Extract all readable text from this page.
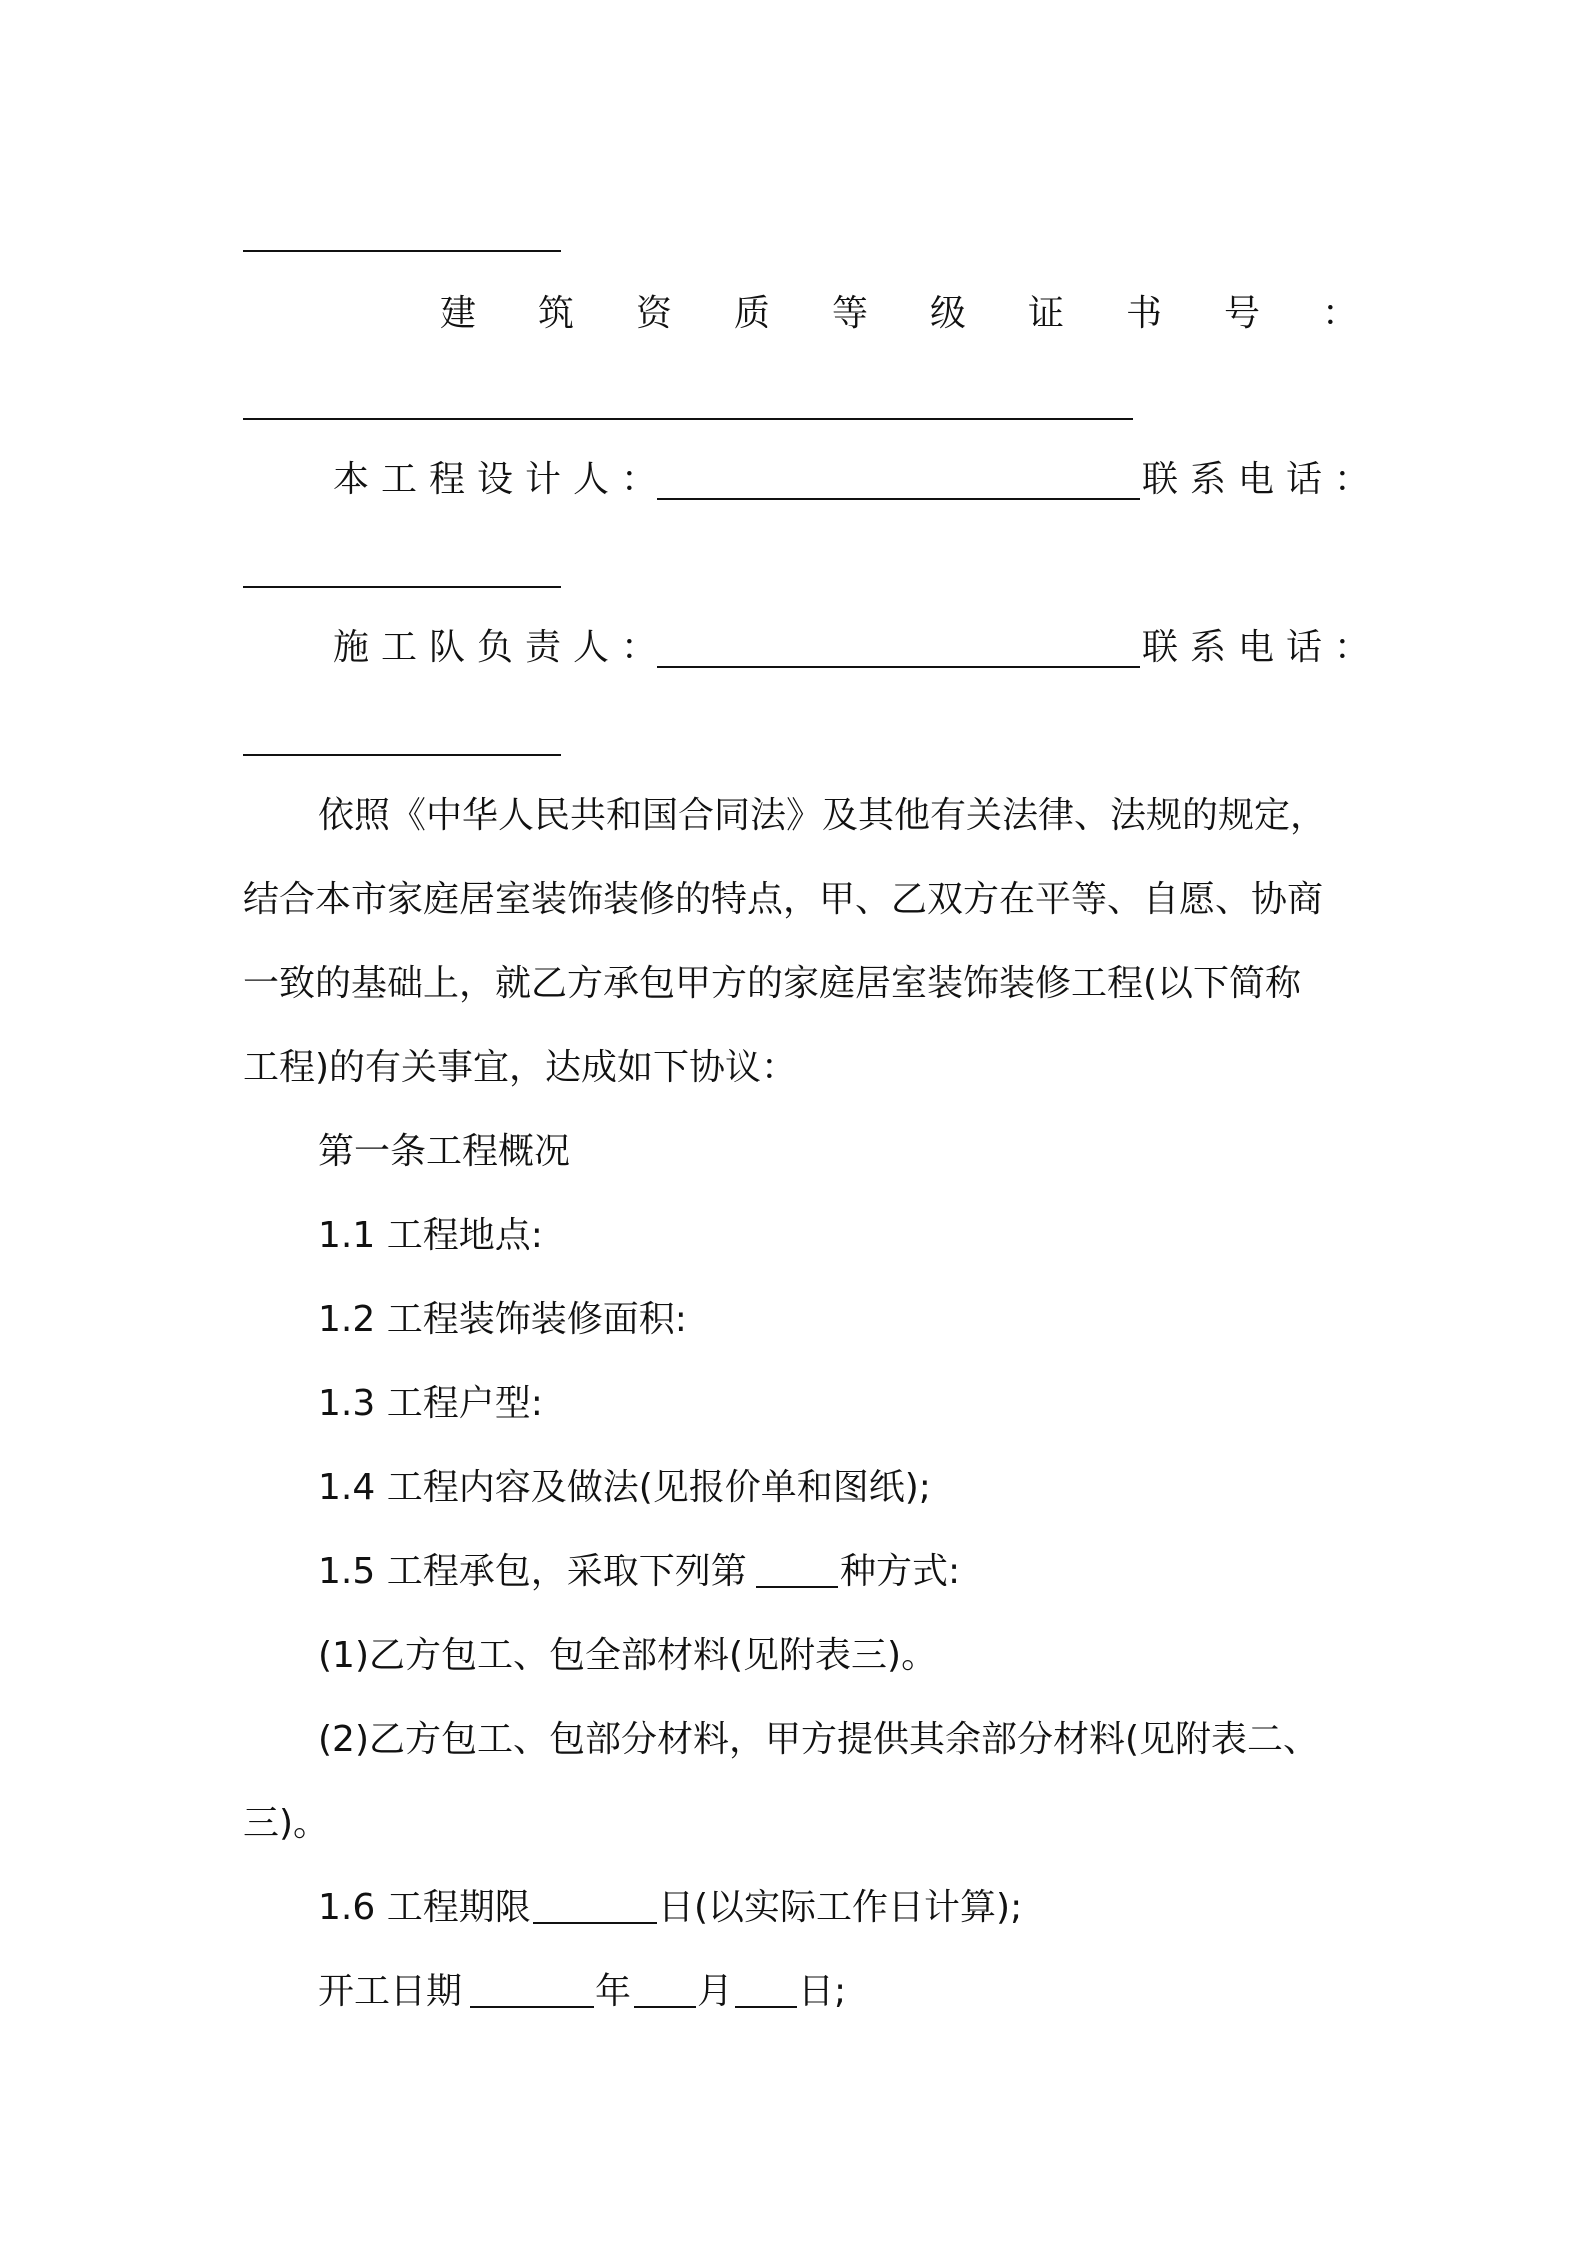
建筑资质等级证书号：
本工程设计人：	联系电话：
施工队负责人：	联系电话：
依照《中华人民共和国合同法》及其他有关法律、法规的规定，
结合本市家庭居室装饰装修的特点，甲、乙双方在平等、自愿、协商
一致的基础上，就乙方承包甲方的家庭居室装饰装修工程(以下简称
工程)的有关事宜，达成如下协议：
第一条工程概况
1.1 工程地点:
1.2 工程装饰装修面积:
1.3 工程户型:
1.4 工程内容及做法(见报价单和图纸);
1.5 工程承包，采取下列第	种方式:
(1)乙方包工、包全部材料(见附表三)。
(2)乙方包工、包部分材料，甲方提供其余部分材料(见附表二、
三)。
1.6 工程期限	日(以实际工作日计算);
开工日期	年 月 日;
